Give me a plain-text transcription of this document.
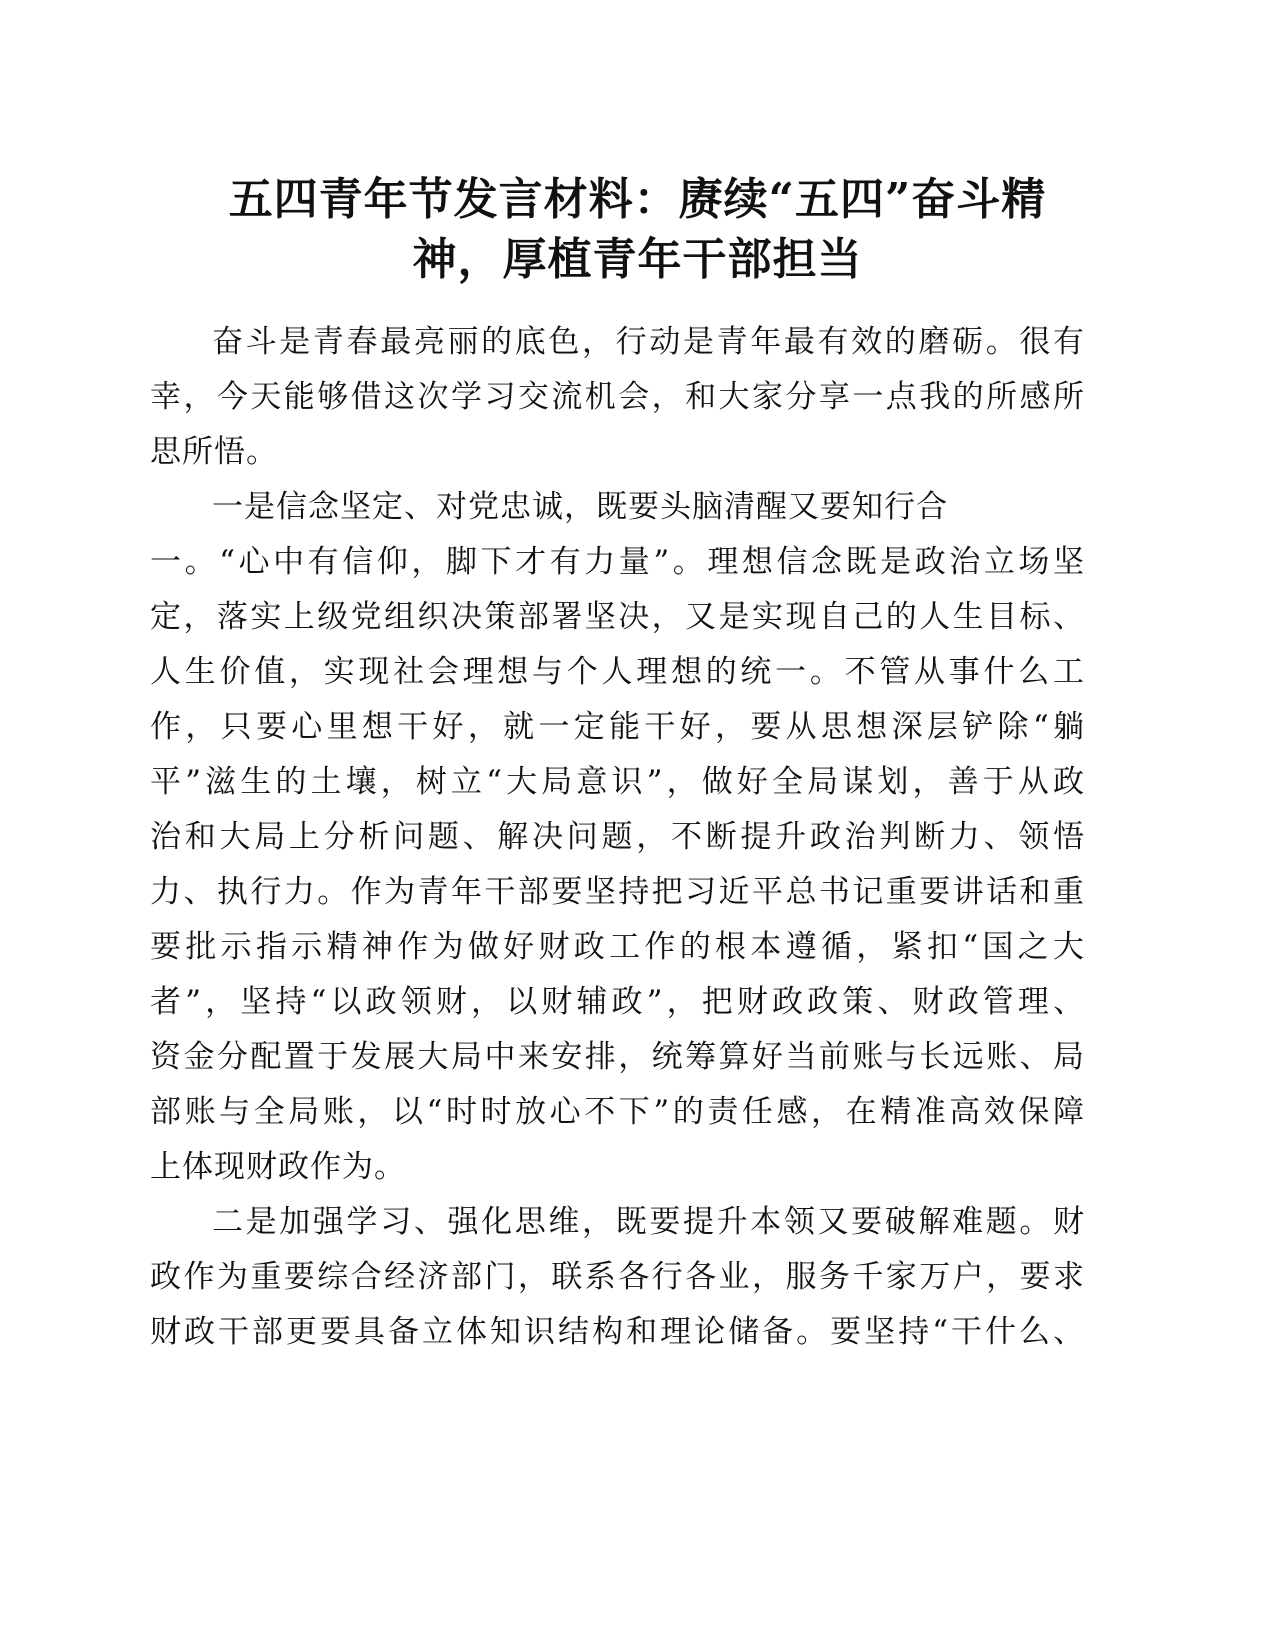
五四青年节发言材料：赓续“五四”奋斗精
神，厚植青年干部担当
奋斗是青春最亮丽的底色，行动是青年最有效的磨砺。很有
幸，今天能够借这次学习交流机会，和大家分享一点我的所感所
思所悟。
一是信念坚定、对党忠诚，既要头脑清醒又要知行合
一。“心中有信仰，脚下才有力量”。理想信念既是政治立场坚
定，落实上级党组织决策部署坚决，又是实现自己的人生目标、
人生价值，实现社会理想与个人理想的统一。不管从事什么工
作，只要心里想干好，就一定能干好，要从思想深层铲除“躺
平”滋生的土壤，树立“大局意识”，做好全局谋划，善于从政
治和大局上分析问题、解决问题，不断提升政治判断力、领悟
力、执行力。作为青年干部要坚持把习近平总书记重要讲话和重
要批示指示精神作为做好财政工作的根本遵循，紧扣“国之大
者”，坚持“以政领财，以财辅政”，把财政政策、财政管理、
资金分配置于发展大局中来安排，统筹算好当前账与长远账、局
部账与全局账，以“时时放心不下”的责任感，在精准高效保障
上体现财政作为。
二是加强学习、强化思维，既要提升本领又要破解难题。财
政作为重要综合经济部门，联系各行各业，服务千家万户，要求
财政干部更要具备立体知识结构和理论储备。要坚持“干什么、
